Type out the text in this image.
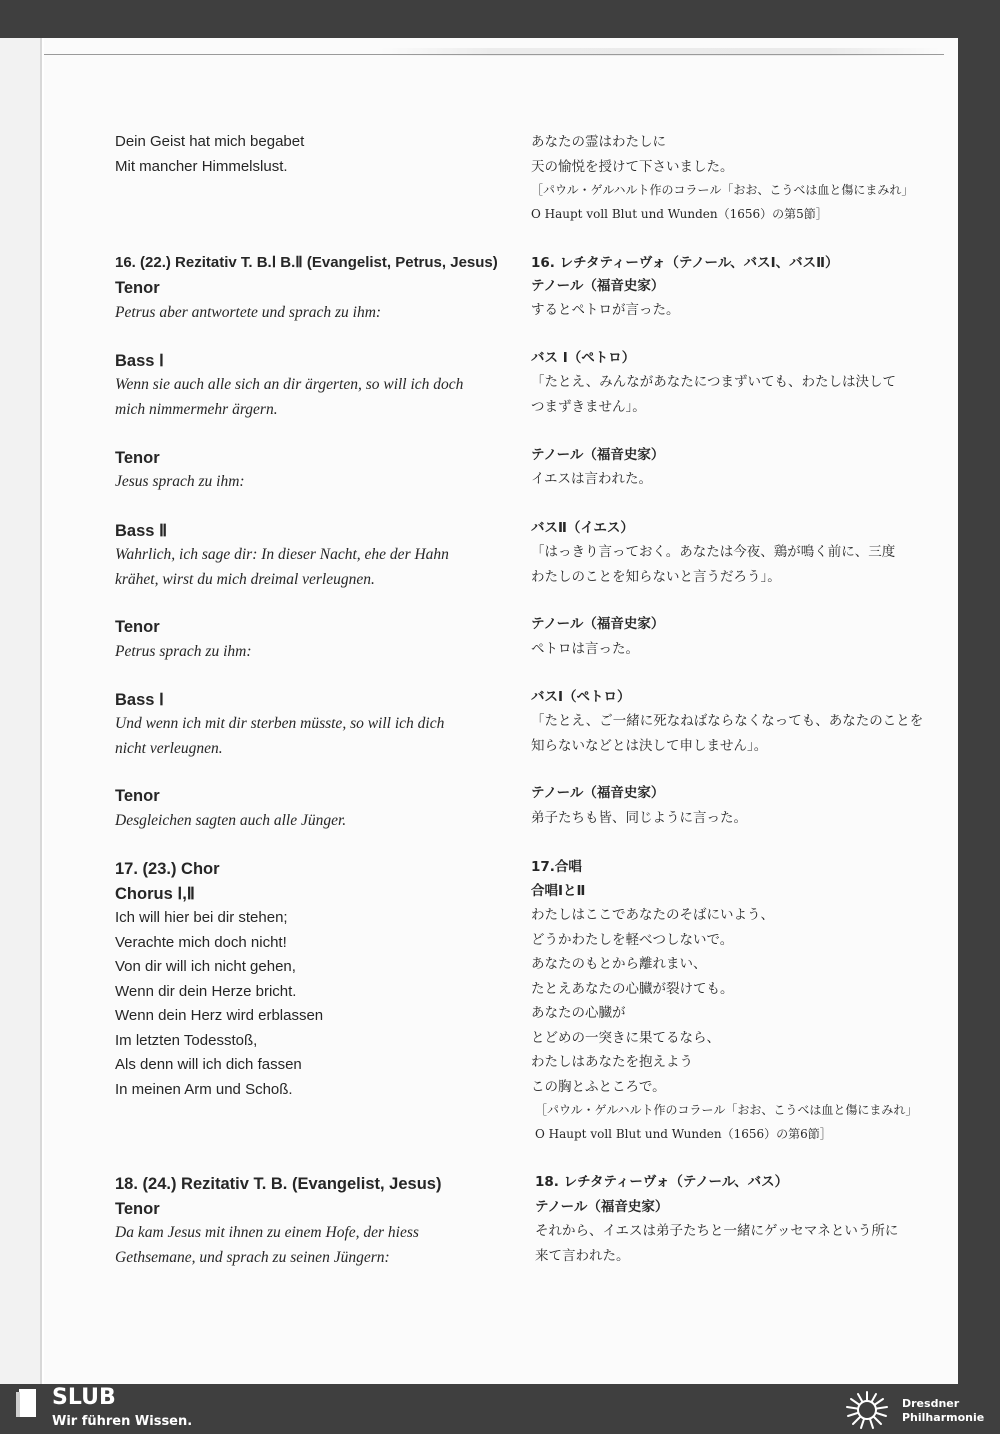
Dein Geist hat mich begabet
Mit mancher Himmelslust.
16. (22.) Rezitativ T. B.Ⅰ B.Ⅱ (Evangelist, Petrus, Jesus)
Tenor
Petrus aber antwortete und sprach zu ihm:
Bass Ⅰ
Wenn sie auch alle sich an dir ärgerten, so will ich doch
mich nimmermehr ärgern.
Tenor
Jesus sprach zu ihm:
Bass Ⅱ
Wahrlich, ich sage dir: In dieser Nacht, ehe der Hahn
krähet, wirst du mich dreimal verleugnen.
Tenor
Petrus sprach zu ihm:
Bass Ⅰ
Und wenn ich mit dir sterben müsste, so will ich dich
nicht verleugnen.
Tenor
Desgleichen sagten auch alle Jünger.
17. (23.) Chor
Chorus Ⅰ,Ⅱ
Ich will hier bei dir stehen;
Verachte mich doch nicht!
Von dir will ich nicht gehen,
Wenn dir dein Herze bricht.
Wenn dein Herz wird erblassen
Im letzten Todesstoß,
Als denn will ich dich fassen
In meinen Arm und Schoß.
18. (24.) Rezitativ T. B. (Evangelist, Jesus)
Tenor
Da kam Jesus mit ihnen zu einem Hofe, der hiess
Gethsemane, und sprach zu seinen Jüngern:
あなたの霊はわたしに
天の愉悦を授けて下さいました。
［パウル・ゲルハルト作のコラール「おお、こうべは血と傷にまみれ」
O Haupt voll Blut und Wunden（1656）の第5節］
16. レチタティーヴォ（テノール、バスⅠ、バスⅡ）
テノール（福音史家）
するとペトロが言った。
バス Ⅰ（ペトロ）
「たとえ、みんながあなたにつまずいても、わたしは決して
つまずきません」。
テノール（福音史家）
イエスは言われた。
バスⅡ（イエス）
「はっきり言っておく。あなたは今夜、鶏が鳴く前に、三度
わたしのことを知らないと言うだろう」。
テノール（福音史家）
ペトロは言った。
バスⅠ（ペトロ）
「たとえ、ご一緒に死なねばならなくなっても、あなたのことを
知らないなどとは決して申しません」。
テノール（福音史家）
弟子たちも皆、同じように言った。
17.合唱
合唱ⅠとⅡ
わたしはここであなたのそばにいよう、
どうかわたしを軽べつしないで。
あなたのもとから離れまい、
たとえあなたの心臓が裂けても。
あなたの心臓が
とどめの一突きに果てるなら、
わたしはあなたを抱えよう
この胸とふところで。
［パウル・ゲルハルト作のコラール「おお、こうべは血と傷にまみれ」
O Haupt voll Blut und Wunden（1656）の第6節］
18. レチタティーヴォ（テノール、バス）
テノール（福音史家）
それから、イエスは弟子たちと一緒にゲッセマネという所に
来て言われた。
SLUB
Wir führen Wissen.
Dresdner
Philharmonie
